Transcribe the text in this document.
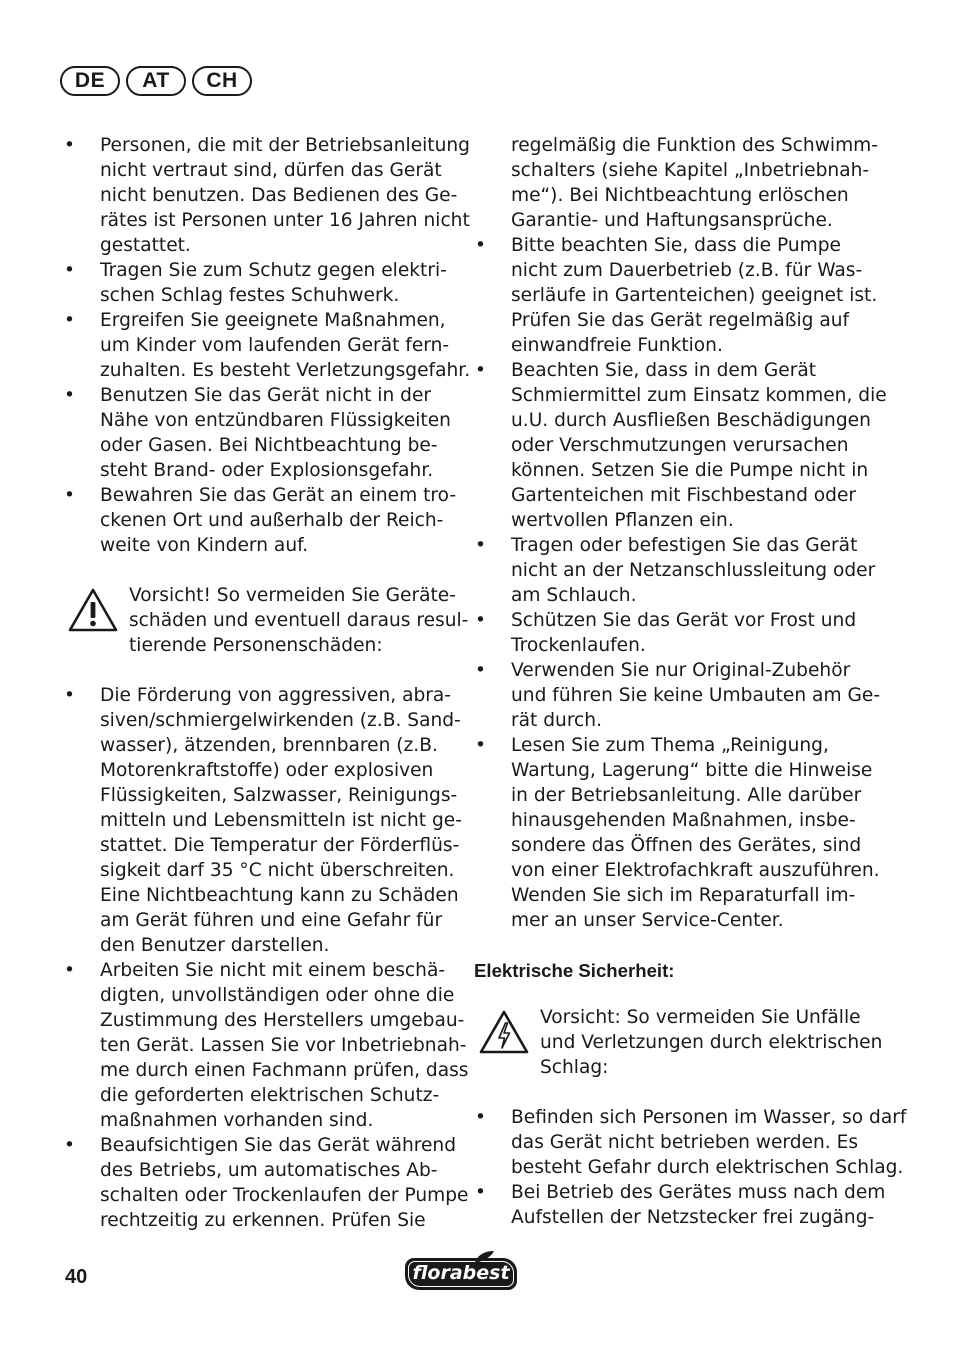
DE	AT	CH
• Personen, die mit der Betriebsanleitung
nicht vertraut sind, dürfen das Gerät
nicht benutzen. Das Bedienen des Ge-
rätes ist Personen unter 16 Jahren nicht
gestattet.
• Tragen Sie zum Schutz gegen elektri-
schen Schlag festes Schuhwerk.
• Ergreifen Sie geeignete Maßnahmen,
um Kinder vom laufenden Gerät fern-
zuhalten. Es besteht Verletzungsgefahr.
• Benutzen Sie das Gerät nicht in der
Nähe von entzündbaren Flüssigkeiten
oder Gasen. Bei Nichtbeachtung be-
steht Brand- oder Explosionsgefahr.
• Bewahren Sie das Gerät an einem tro-
ckenen Ort und außerhalb der Reich-
weite von Kindern auf.
Vorsicht! So vermeiden Sie Geräte-
schäden und eventuell daraus resul-
tierende Personenschäden:
• Die Förderung von aggressiven, abra-
siven/schmiergelwirkenden (z.B. Sand-
wasser), ätzenden, brennbaren (z.B.
Motorenkraftstoffe) oder explosiven
Flüssigkeiten, Salzwasser, Reinigungs-
mitteln und Lebensmitteln ist nicht ge-
stattet. Die Temperatur der Förderflüs-
sigkeit darf 35 °C nicht überschreiten.
Eine Nichtbeachtung kann zu Schäden
am Gerät führen und eine Gefahr für
den Benutzer darstellen.
• Arbeiten Sie nicht mit einem beschä-
digten, unvollständigen oder ohne die
Zustimmung des Herstellers umgebau-
ten Gerät. Lassen Sie vor Inbetriebnah-
me durch einen Fachmann prüfen, dass
die geforderten elektrischen Schutz-
maßnahmen vorhanden sind.
• Beaufsichtigen Sie das Gerät während
des Betriebs, um automatisches Ab-
schalten oder Trockenlaufen der Pumpe
rechtzeitig zu erkennen. Prüfen Sie
regelmäßig die Funktion des Schwimm-
schalters (siehe Kapitel „Inbetriebnah-
me“). Bei Nichtbeachtung erlöschen
Garantie- und Haftungsansprüche.
• Bitte beachten Sie, dass die Pumpe
nicht zum Dauerbetrieb (z.B. für Was-
serläufe in Gartenteichen) geeignet ist.
Prüfen Sie das Gerät regelmäßig auf
einwandfreie Funktion.
• Beachten Sie, dass in dem Gerät
Schmiermittel zum Einsatz kommen, die
u.U. durch Ausfließen Beschädigungen
oder Verschmutzungen verursachen
können. Setzen Sie die Pumpe nicht in
Gartenteichen mit Fischbestand oder
wertvollen Pflanzen ein.
• Tragen oder befestigen Sie das Gerät
nicht an der Netzanschlussleitung oder
am Schlauch.
• Schützen Sie das Gerät vor Frost und
Trockenlaufen.
• Verwenden Sie nur Original-Zubehör
und führen Sie keine Umbauten am Ge-
rät durch.
• Lesen Sie zum Thema „Reinigung,
Wartung, Lagerung“ bitte die Hinweise
in der Betriebsanleitung. Alle darüber
hinausgehenden Maßnahmen, insbe-
sondere das Öffnen des Gerätes, sind
von einer Elektrofachkraft auszuführen.
Wenden Sie sich im Reparaturfall im-
mer an unser Service-Center.
Elektrische Sicherheit:
Vorsicht: So vermeiden Sie Unfälle
und Verletzungen durch elektrischen
Schlag:
• Befinden sich Personen im Wasser, so darf
das Gerät nicht betrieben werden. Es
besteht Gefahr durch elektrischen Schlag.
• Bei Betrieb des Gerätes muss nach dem
Aufstellen der Netzstecker frei zugäng-
40	florabest
